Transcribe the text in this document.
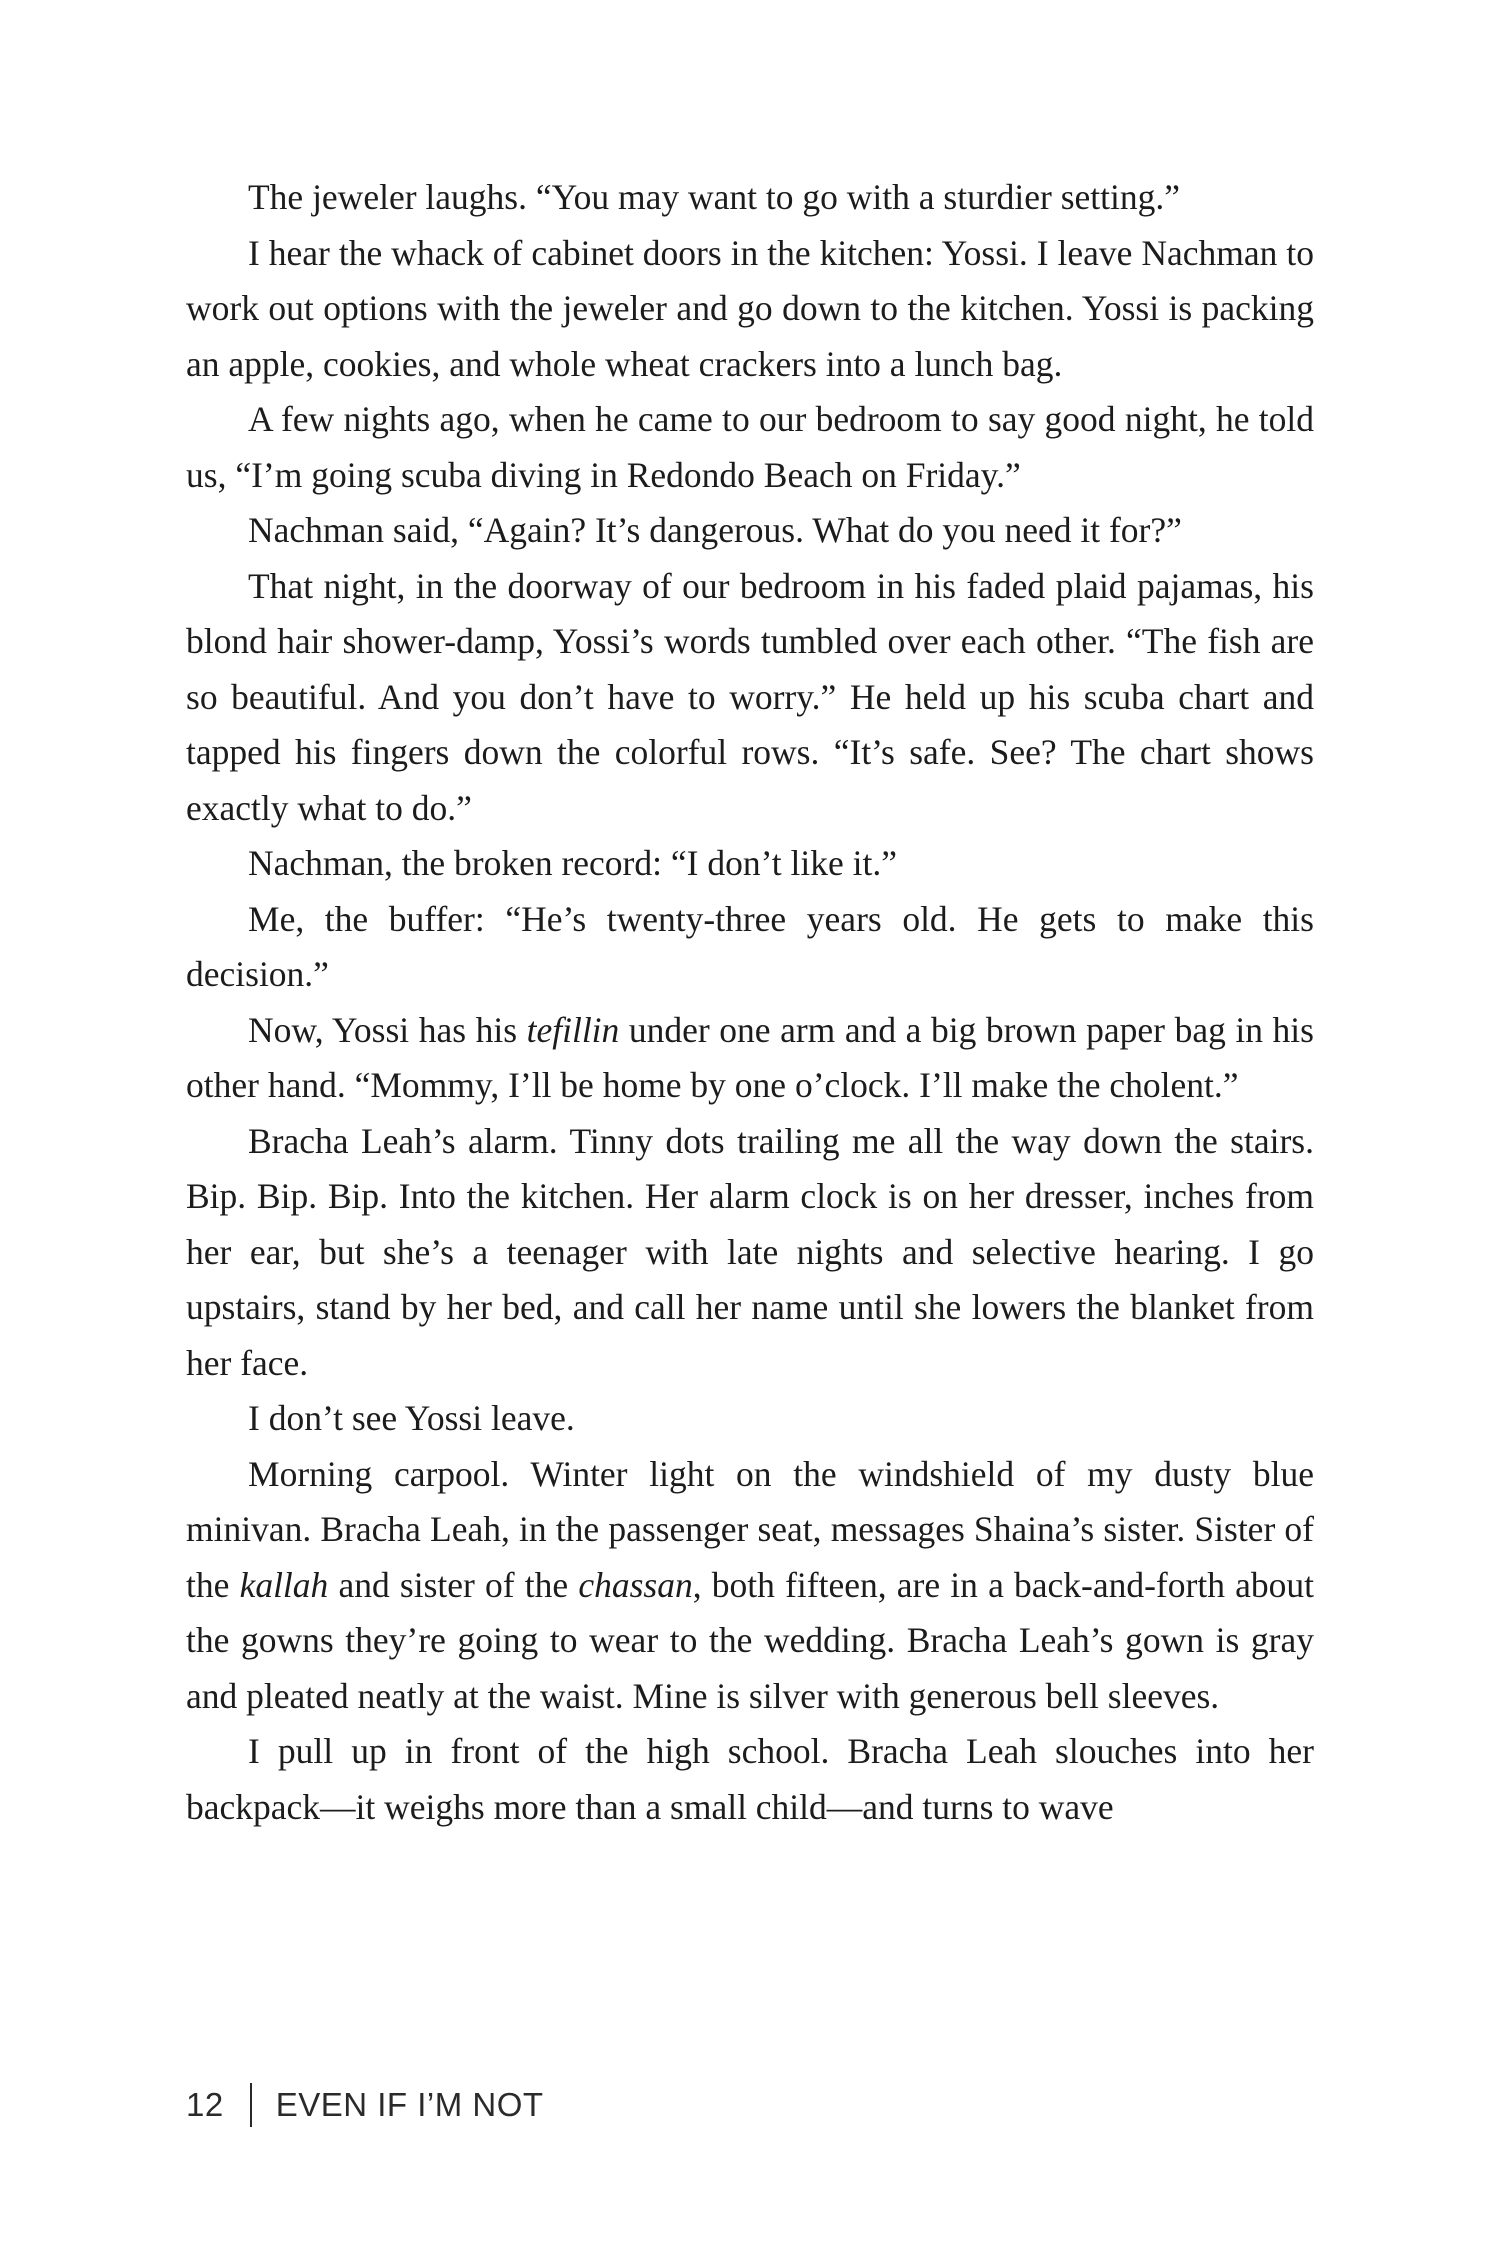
The jeweler laughs. “You may want to go with a sturdier setting.”

I hear the whack of cabinet doors in the kitchen: Yossi. I leave Nachman to work out options with the jeweler and go down to the kitchen. Yossi is packing an apple, cookies, and whole wheat crackers into a lunch bag.

A few nights ago, when he came to our bedroom to say good night, he told us, “I’m going scuba diving in Redondo Beach on Friday.”

Nachman said, “Again? It’s dangerous. What do you need it for?”

That night, in the doorway of our bedroom in his faded plaid pajamas, his blond hair shower-damp, Yossi’s words tumbled over each other. “The fish are so beautiful. And you don’t have to worry.” He held up his scuba chart and tapped his fingers down the colorful rows. “It’s safe. See? The chart shows exactly what to do.”

Nachman, the broken record: “I don’t like it.”

Me, the buffer: “He’s twenty-three years old. He gets to make this decision.”

Now, Yossi has his tefillin under one arm and a big brown paper bag in his other hand. “Mommy, I’ll be home by one o’clock. I’ll make the cholent.”

Bracha Leah’s alarm. Tinny dots trailing me all the way down the stairs. Bip. Bip. Bip. Into the kitchen. Her alarm clock is on her dresser, inches from her ear, but she’s a teenager with late nights and selective hearing. I go upstairs, stand by her bed, and call her name until she lowers the blanket from her face.

I don’t see Yossi leave.

Morning carpool. Winter light on the windshield of my dusty blue minivan. Bracha Leah, in the passenger seat, messages Shaina’s sister. Sister of the kallah and sister of the chassan, both fifteen, are in a back-and-forth about the gowns they’re going to wear to the wedding. Bracha Leah’s gown is gray and pleated neatly at the waist. Mine is silver with generous bell sleeves.

I pull up in front of the high school. Bracha Leah slouches into her backpack—it weighs more than a small child—and turns to wave

12 EVEN IF I’M NOT
